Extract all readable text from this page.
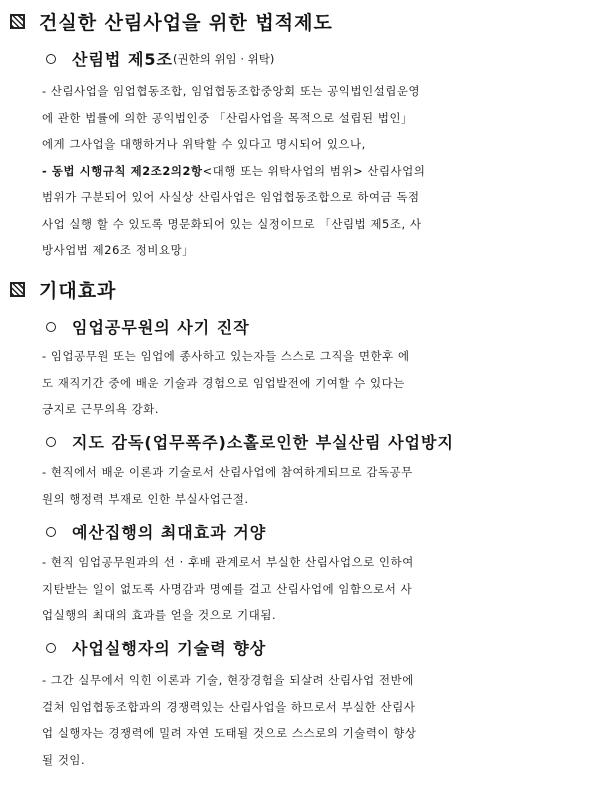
건실한 산림사업을 위한 법적제도
산림법 제5조 (권한의 위임 · 위탁)
- 산림사업을 임업협동조합, 임업협동조합중앙회 또는 공익법인설립운영
에 관한 법률에 의한 공익법인중 「산림사업을 목적으로 설립된 법인」
에게 그사업을 대행하거나 위탁할 수 있다고 명시되어 있으나,
- 동법 시행규칙 제2조2의2항<대행 또는 위탁사업의 범위> 산림사업의
범위가 구분되어 있어 사실상 산림사업은 임업협동조합으로 하여금 독점
사업 실행 할 수 있도록 명문화되어 있는 실정이므로 「산림법 제5조, 사
방사업법 제26조 정비요망」
기대효과
임업공무원의 사기 진작
- 임업공무원 또는 임업에 종사하고 있는자들 스스로 그직을 면한후 에
도 재직기간 중에 배운 기술과 경험으로 임업발전에 기여할 수 있다는
긍지로 근무의욕 강화.
지도 감독(업무폭주)소홀로인한 부실산림 사업방지
- 현직에서 배운 이론과 기술로서 산림사업에 참여하게되므로 감독공무
원의 행정력 부재로 인한 부실사업근절.
예산집행의 최대효과 거양
- 현직 임업공무원과의 선 · 후배 관계로서 부실한 산림사업으로 인하여
지탄받는 일이 없도록 사명감과 명예를 걸고 산림사업에 임함으로서 사
업실행의 최대의 효과를 얻을 것으로 기대됨.
사업실행자의 기술력 향상
- 그간 실무에서 익힌 이론과 기술, 현장경험을 되살려 산림사업 전반에
걸쳐 임업협동조합과의 경쟁력있는 산림사업을 하므로서 부실한 산림사
업 실행자는 경쟁력에 밀려 자연 도태될 것으로 스스로의 기술력이 향상
될 것임.
